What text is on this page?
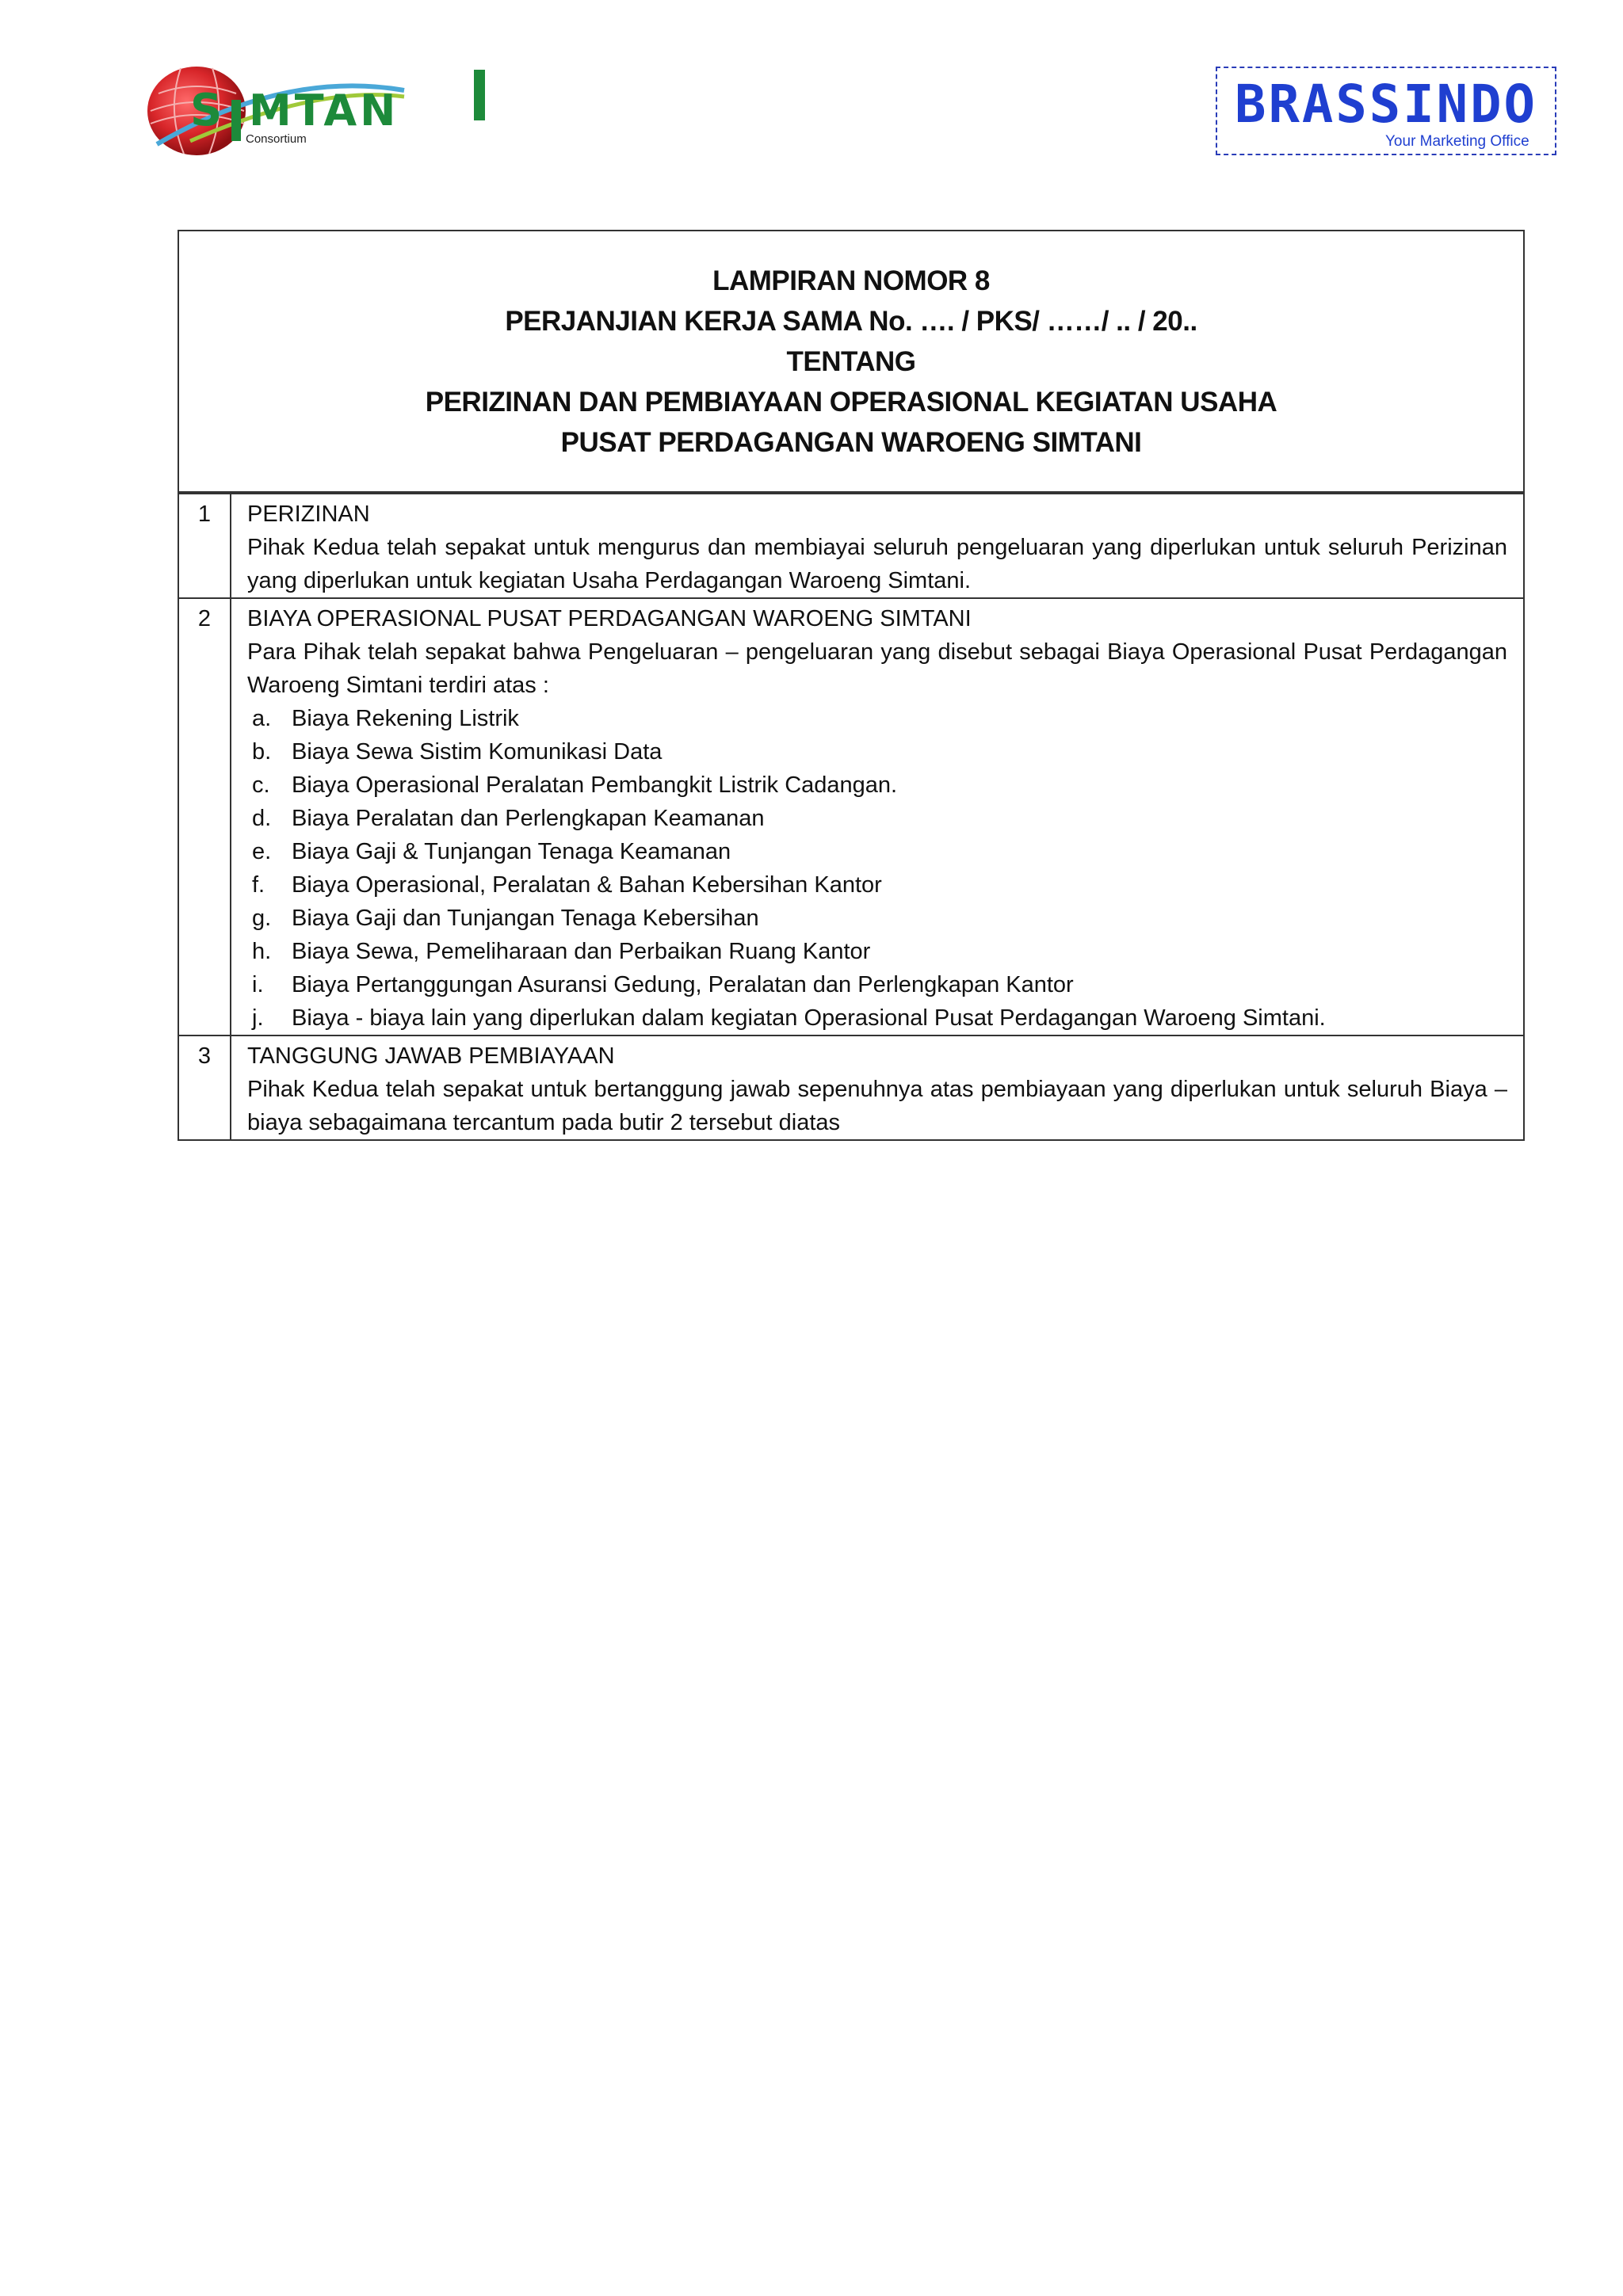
S MTAN
Consortium
BRASSINDO
Your Marketing Office
LAMPIRAN NOMOR 8
PERJANJIAN KERJA SAMA No. …. / PKS/ ……/ .. / 20..
TENTANG
PERIZINAN DAN PEMBIAYAAN OPERASIONAL KEGIATAN USAHA
PUSAT PERDAGANGAN WAROENG SIMTANI
1	PERIZINAN
Pihak Kedua telah sepakat untuk mengurus dan membiayai seluruh pengeluaran yang diperlukan untuk seluruh Perizinan yang diperlukan untuk kegiatan Usaha Perdagangan Waroeng Simtani.
2	BIAYA OPERASIONAL PUSAT PERDAGANGAN WAROENG SIMTANI
Para Pihak telah sepakat bahwa Pengeluaran – pengeluaran yang disebut sebagai Biaya Operasional Pusat Perdagangan Waroeng Simtani terdiri atas :
a. Biaya Rekening Listrik
b. Biaya Sewa Sistim Komunikasi Data
c. Biaya Operasional Peralatan Pembangkit Listrik Cadangan.
d. Biaya Peralatan dan Perlengkapan Keamanan
e. Biaya Gaji & Tunjangan Tenaga Keamanan
f.	Biaya Operasional, Peralatan & Bahan Kebersihan Kantor
g. Biaya Gaji dan Tunjangan Tenaga Kebersihan
h. Biaya Sewa, Pemeliharaan dan Perbaikan Ruang Kantor
i.	Biaya Pertanggungan Asuransi Gedung, Peralatan dan Perlengkapan Kantor
j.	Biaya - biaya lain yang diperlukan dalam kegiatan Operasional Pusat Perdagangan Waroeng Simtani.
3	TANGGUNG JAWAB PEMBIAYAAN
Pihak Kedua telah sepakat untuk bertanggung jawab sepenuhnya atas pembiayaan yang diperlukan untuk seluruh Biaya – biaya sebagaimana tercantum pada butir 2 tersebut diatas
